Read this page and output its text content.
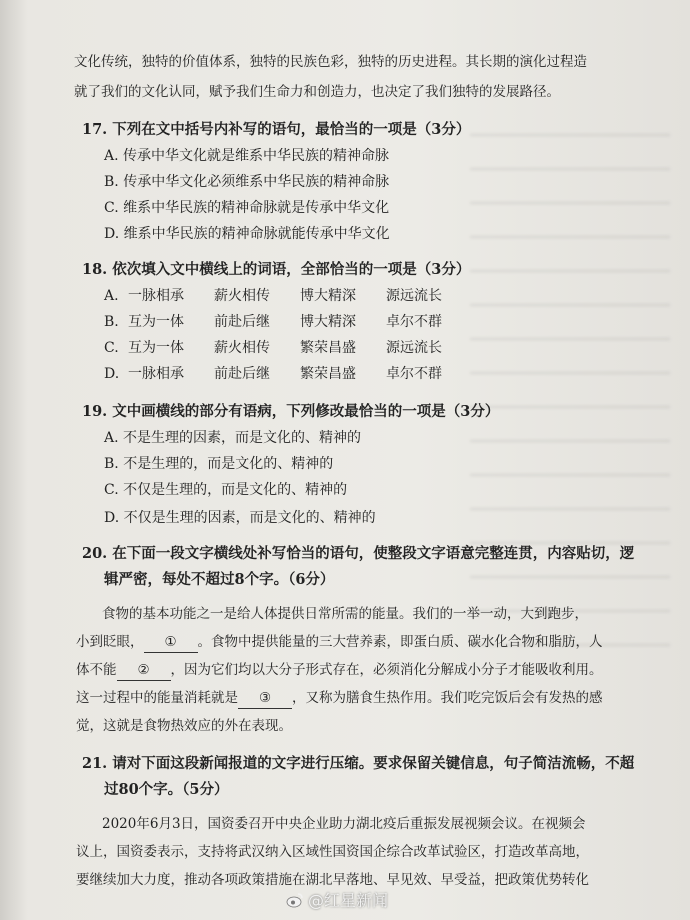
文化传统，独特的价值体系，独特的民族色彩，独特的历史进程。其长期的演化过程造
就了我们的文化认同，赋予我们生命力和创造力，也决定了我们独特的发展路径。
17. 下列在文中括号内补写的语句，最恰当的一项是（3分）
A. 传承中华文化就是维系中华民族的精神命脉
B. 传承中华文化必须维系中华民族的精神命脉
C. 维系中华民族的精神命脉就是传承中华文化
D. 维系中华民族的精神命脉就能传承中华文化
18. 依次填入文中横线上的词语，全部恰当的一项是（3分）
A. 一脉相承 薪火相传 博大精深 源远流长
B. 互为一体 前赴后继 博大精深 卓尔不群
C. 互为一体 薪火相传 繁荣昌盛 源远流长
D. 一脉相承 前赴后继 繁荣昌盛 卓尔不群
19. 文中画横线的部分有语病，下列修改最恰当的一项是（3分）
A. 不是生理的因素，而是文化的、精神的
B. 不是生理的，而是文化的、精神的
C. 不仅是生理的，而是文化的、精神的
D. 不仅是生理的因素，而是文化的、精神的
20. 在下面一段文字横线处补写恰当的语句，使整段文字语意完整连贯，内容贴切，逻
辑严密，每处不超过8个字。（6分）
食物的基本功能之一是给人体提供日常所需的能量。我们的一举一动，大到跑步，
小到眨眼， ① 。食物中提供能量的三大营养素，即蛋白质、碳水化合物和脂肪，人
体不能 ② ，因为它们均以大分子形式存在，必须消化分解成小分子才能吸收利用。
这一过程中的能量消耗就是 ③ ，又称为膳食生热作用。我们吃完饭后会有发热的感
觉，这就是食物热效应的外在表现。
21. 请对下面这段新闻报道的文字进行压缩。要求保留关键信息，句子简洁流畅，不超
过80个字。（5分）
2020年6月3日，国资委召开中央企业助力湖北疫后重振发展视频会议。在视频会
议上，国资委表示，支持将武汉纳入区域性国资国企综合改革试验区，打造改革高地，
要继续加大力度，推动各项政策措施在湖北早落地、早见效、早受益，把政策优势转化
@红星新闻
